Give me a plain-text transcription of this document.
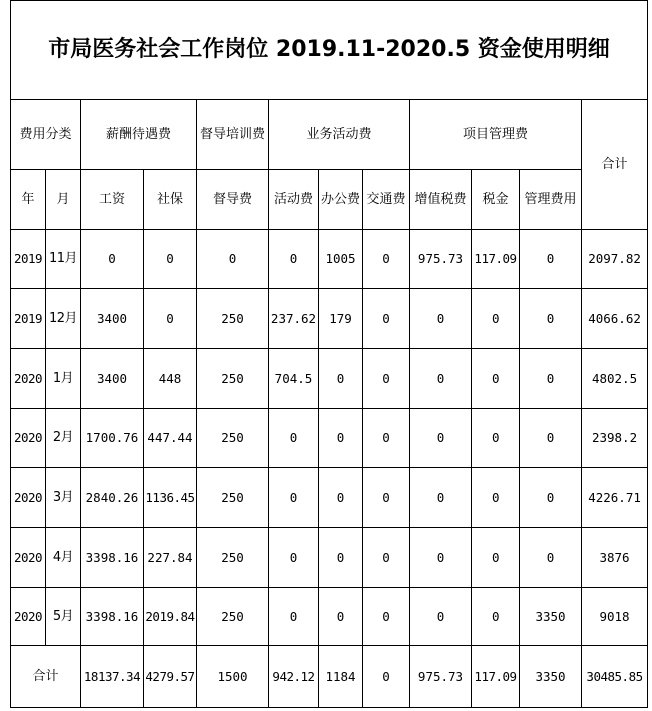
市局医务社会工作岗位 2019.11-2020.5 资金使用明细											
费用分类		薪酬待遇费		督导培训费	业务活动费			项目管理费			合计
年	月	工资	社保	督导费	活动费	办公费	交通费	增值税费	税金	管理费用	
2019	11月	0	0	0	0	1005	0	975.73	117.09	0	2097.82
2019	12月	3400	0	250	237.62	179	0	0	0	0	4066.62
2020	1月	3400	448	250	704.5	0	0	0	0	0	4802.5
2020	2月	1700.76	447.44	250	0	0	0	0	0	0	2398.2
2020	3月	2840.26	1136.45	250	0	0	0	0	0	0	4226.71
2020	4月	3398.16	227.84	250	0	0	0	0	0	0	3876
2020	5月	3398.16	2019.84	250	0	0	0	0	0	3350	9018
合计		18137.34	4279.57	1500	942.12	1184	0	975.73	117.09	3350	30485.85
